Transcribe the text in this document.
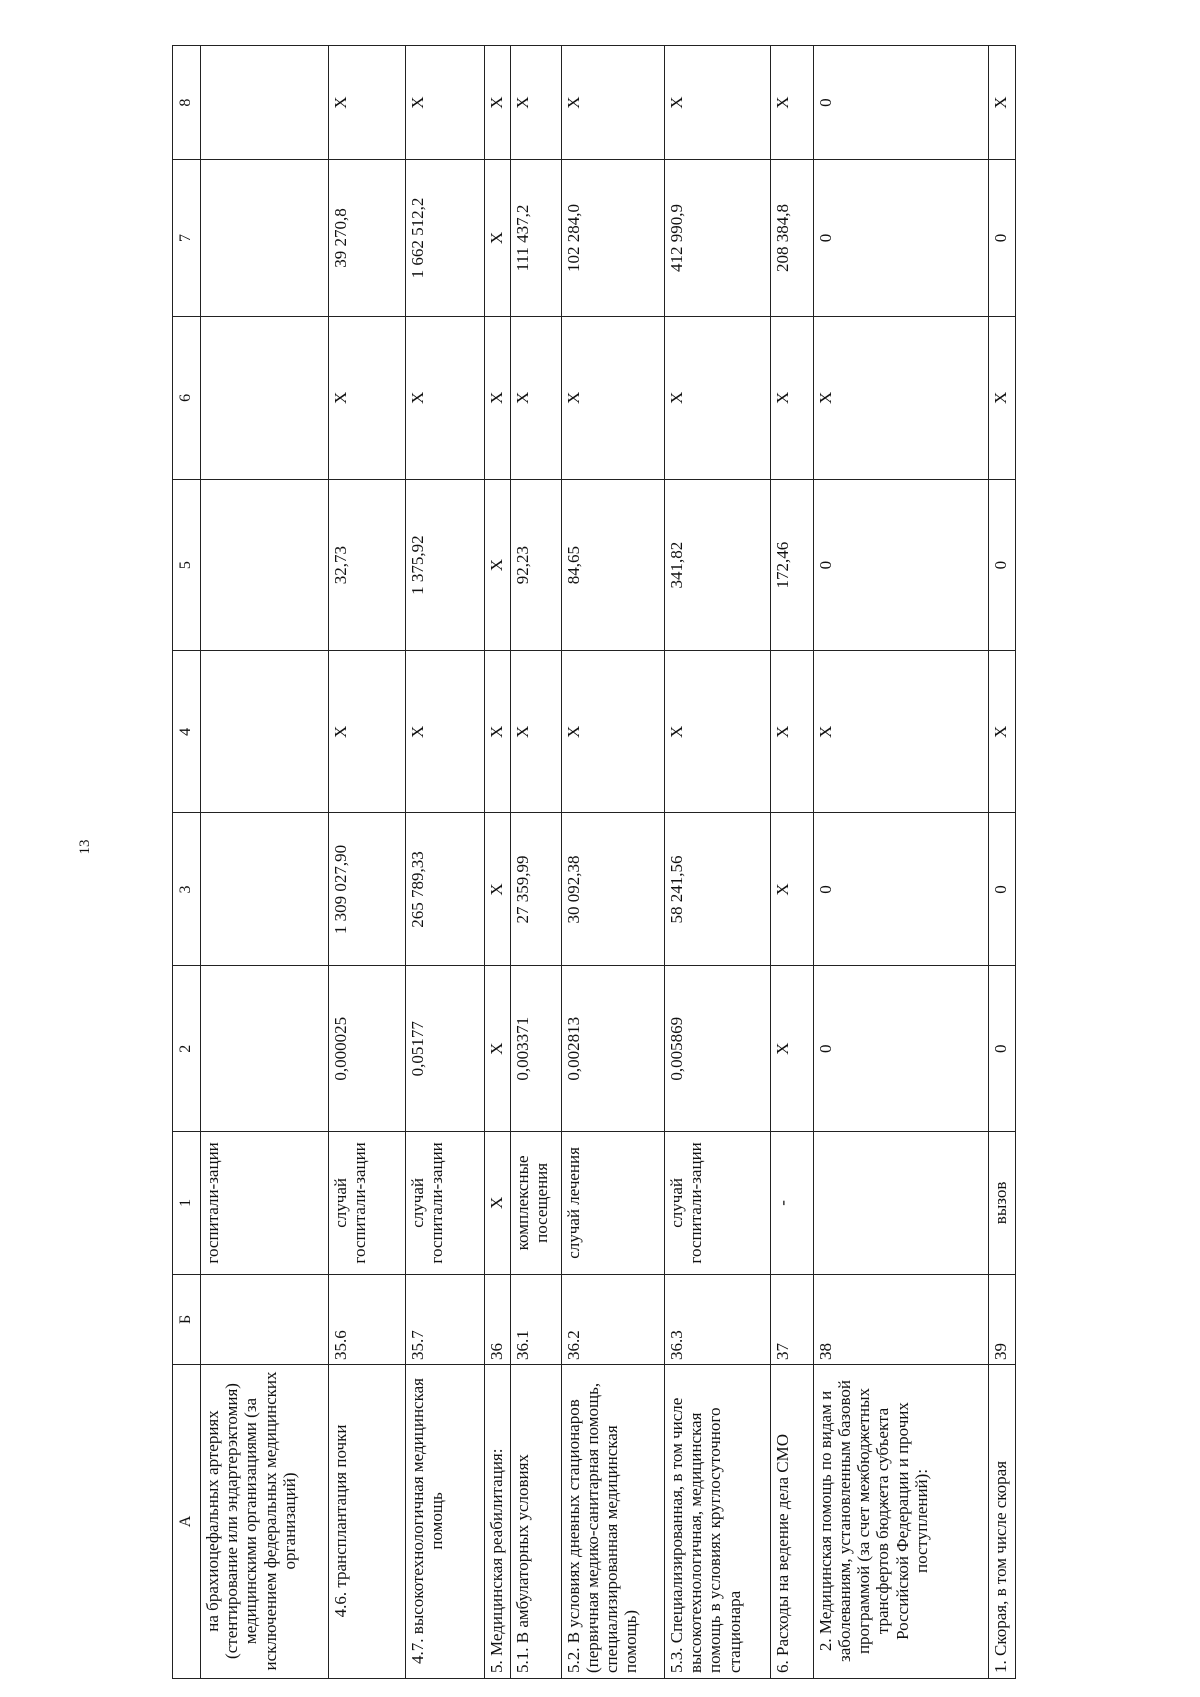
13
А	Б	1	2	3	4	5	6	7	8
на брахиоцефальных артериях (стентирование или эндартерэктомия) медицинскими организациями (за исключением федеральных медицинских организаций)		госпитали-зации							
4.6. трансплантация почки	35.6	случай госпитали-зации	0,000025	1 309 027,90	Х	32,73	Х	39 270,8	Х
4.7. высокотехнологичная медицинская помощь	35.7	случай госпитали-зации	0,05177	265 789,33	Х	1 375,92	Х	1 662 512,2	Х
5. Медицинская реабилитация:	36	Х	Х	Х	Х	Х	Х	Х	Х
5.1. В амбулаторных условиях	36.1	комплексные посещения	0,003371	27 359,99	Х	92,23	Х	111 437,2	Х
5.2. В условиях дневных стационаров (первичная медико-санитарная помощь, специализированная медицинская помощь)	36.2	случай лечения	0,002813	30 092,38	Х	84,65	Х	102 284,0	Х
5.3. Специализированная, в том числе высокотехнологичная, медицинская помощь в условиях круглосуточного стационара	36.3	случай госпитали-зации	0,005869	58 241,56	Х	341,82	Х	412 990,9	Х
6. Расходы на ведение дела СМО	37	-	Х	Х	Х	172,46	Х	208 384,8	Х
2. Медицинская помощь по видам и заболеваниям, установленным базовой программой (за счет межбюджетных трансфертов бюджета субъекта Российской Федерации и прочих поступлений):	38		0	0	Х	0	Х	0	0
1. Скорая, в том числе скорая	39	вызов	0	0	Х	0	Х	0	Х
